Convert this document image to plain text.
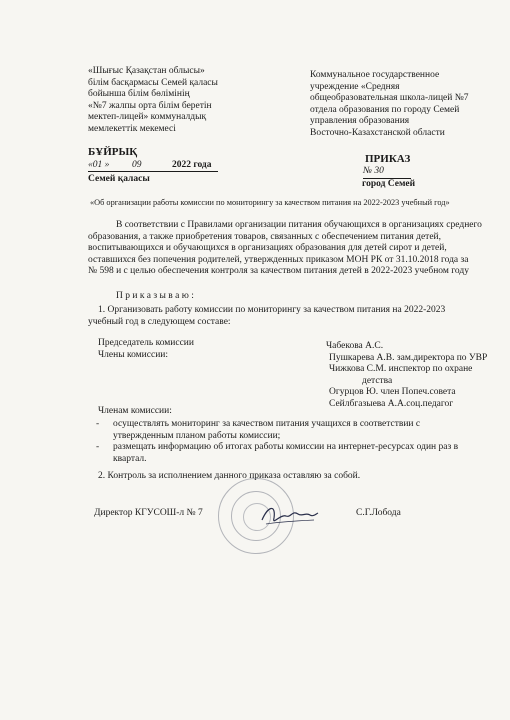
«Шығыс Қазақстан облысы»
білім басқармасы Семей қаласы
бойынша білім бөлімінің
«№7 жалпы орта білім беретін
мектеп-лицей» коммуналдық
мемлекеттік мекемесі
Коммунальное государственное
учреждение «Средняя
общеобразовательная школа-лицей №7
отдела образования по городу Семей
управления образования
Восточно-Казахстанской области
БҰЙРЫҚ
«01 » 09	2022 года
Семей қаласы
ПРИКАЗ
№ 30
город Семей
«Об организации работы комиссии по мониторингу за качеством питания на 2022-2023 учебный год»
В соответствии с Правилами организации питания обучающихся в организациях среднего
образования, а также приобретения товаров, связанных с обеспечением питания детей,
воспитывающихся и обучающихся в организациях образования для детей сирот и детей,
оставшихся без попечения родителей, утвержденных приказом МОН РК от 31.10.2018 года за
№ 598 и с целью обеспечения контроля за качеством питания детей в 2022-2023 учебном году
П р и к а з ы в а ю :
1. Организовать работу комиссии по мониторингу за качеством питания на 2022-2023
учебный год в следующем составе:
Председатель комиссии
Члены комиссии:
Чабекова А.С.
Пушкарева А.В. зам.директора по УВР
Чижкова С.М. инспектор по охране
детства
Огурцов Ю. член Попеч.совета
Сейлбгазыева А.А.соц.педагог
Членам комиссии:
- осуществлять мониторинг за качеством питания учащихся в соответствии с
утвержденным планом работы комиссии;
- размещать информацию об итогах работы комиссии на интернет-ресурсах один раз в
квартал.
2. Контроль за исполнением данного приказа оставляю за собой.
Директор КГУСОШ-л № 7	С.Г.Лобода
